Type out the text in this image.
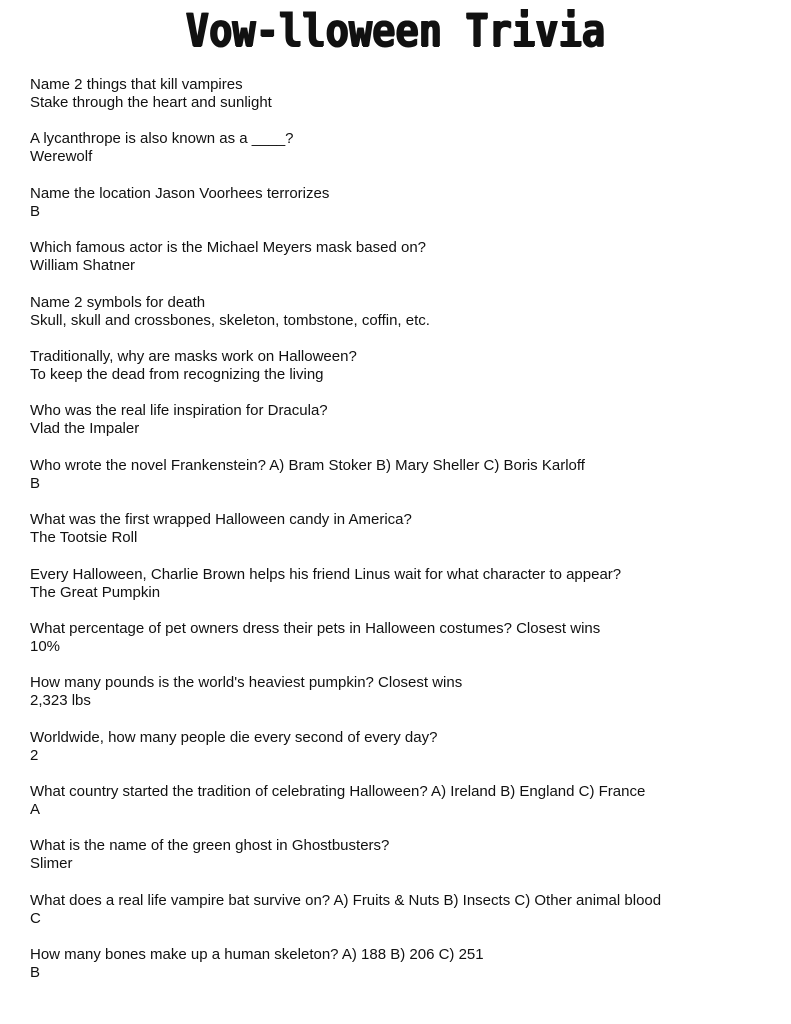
Vow-lloween Trivia
Name 2 things that kill vampires
Stake through the heart and sunlight
A lycanthrope is also known as a ____?
Werewolf
Name the location Jason Voorhees terrorizes
B
Which famous actor is the Michael Meyers mask based on?
William Shatner
Name 2 symbols for death
Skull, skull and crossbones, skeleton, tombstone, coffin, etc.
Traditionally, why are masks work on Halloween?
To keep the dead from recognizing the living
Who was the real life inspiration for Dracula?
Vlad the Impaler
Who wrote the novel Frankenstein? A) Bram Stoker B) Mary Sheller C) Boris Karloff
B
What was the first wrapped Halloween candy in America?
The Tootsie Roll
Every Halloween, Charlie Brown helps his friend Linus wait for what character to appear?
The Great Pumpkin
What percentage of pet owners dress their pets in Halloween costumes? Closest wins
10%
How many pounds is the world's heaviest pumpkin? Closest wins
2,323 lbs
Worldwide, how many people die every second of every day?
2
What country started the tradition of celebrating Halloween? A) Ireland B) England C) France
A
What is the name of the green ghost in Ghostbusters?
Slimer
What does a real life vampire bat survive on? A) Fruits & Nuts B) Insects C) Other animal blood
C
How many bones make up a human skeleton? A) 188 B) 206 C) 251
B
